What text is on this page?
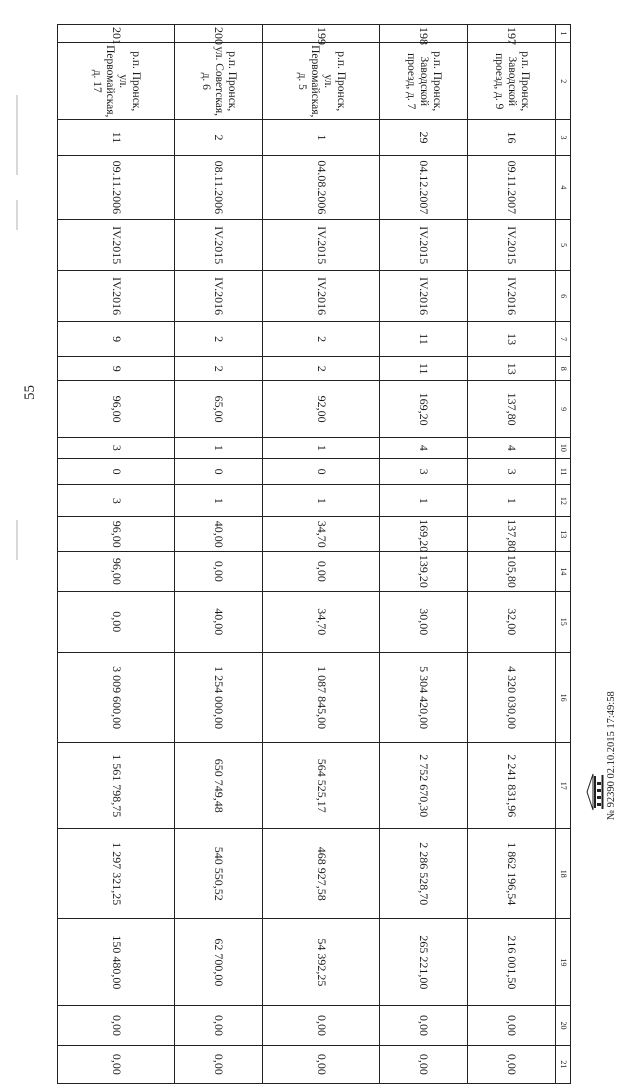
55
№ 92390 02.10.2015 17:49:58
1	2	3	4	5	6	7	8	9	10	11	12	13	14	15	16	17	18	19	20	21
197	р.п. Пронск, Заводской проезд, д. 9	16	09.11.2007	IV.2015	IV.2016	13	13	137,80	4	3	1	137,80	105,80	32,00	4 320 030,00	2 241 831,96	1 862 196,54	216 001,50	0,00	0,00
198	р.п. Пронск, Заводской проезд, д. 7	29	04.12.2007	IV.2015	IV.2016	11	11	169,20	4	3	1	169,20	139,20	30,00	5 304 420,00	2 752 670,30	2 286 528,70	265 221,00	0,00	0,00
199	р.п. Пронск, ул. Первомайская, д. 5	1	04.08.2006	IV.2015	IV.2016	2	2	92,00	1	0	1	34,70	0,00	34,70	1 087 845,00	564 525,17	468 927,58	54 392,25	0,00	0,00
200	р.п. Пронск, ул. Советская, д. 6	2	08.11.2006	IV.2015	IV.2016	2	2	65,00	1	0	1	40,00	0,00	40,00	1 254 000,00	650 749,48	540 550,52	62 700,00	0,00	0,00
201	р.п. Пронск, ул. Первомайская, д. 17	11	09.11.2006	IV.2015	IV.2016	9	9	96,00	3	0	3	96,00	96,00	0,00	3 009 600,00	1 561 798,75	1 297 321,25	150 480,00	0,00	0,00
